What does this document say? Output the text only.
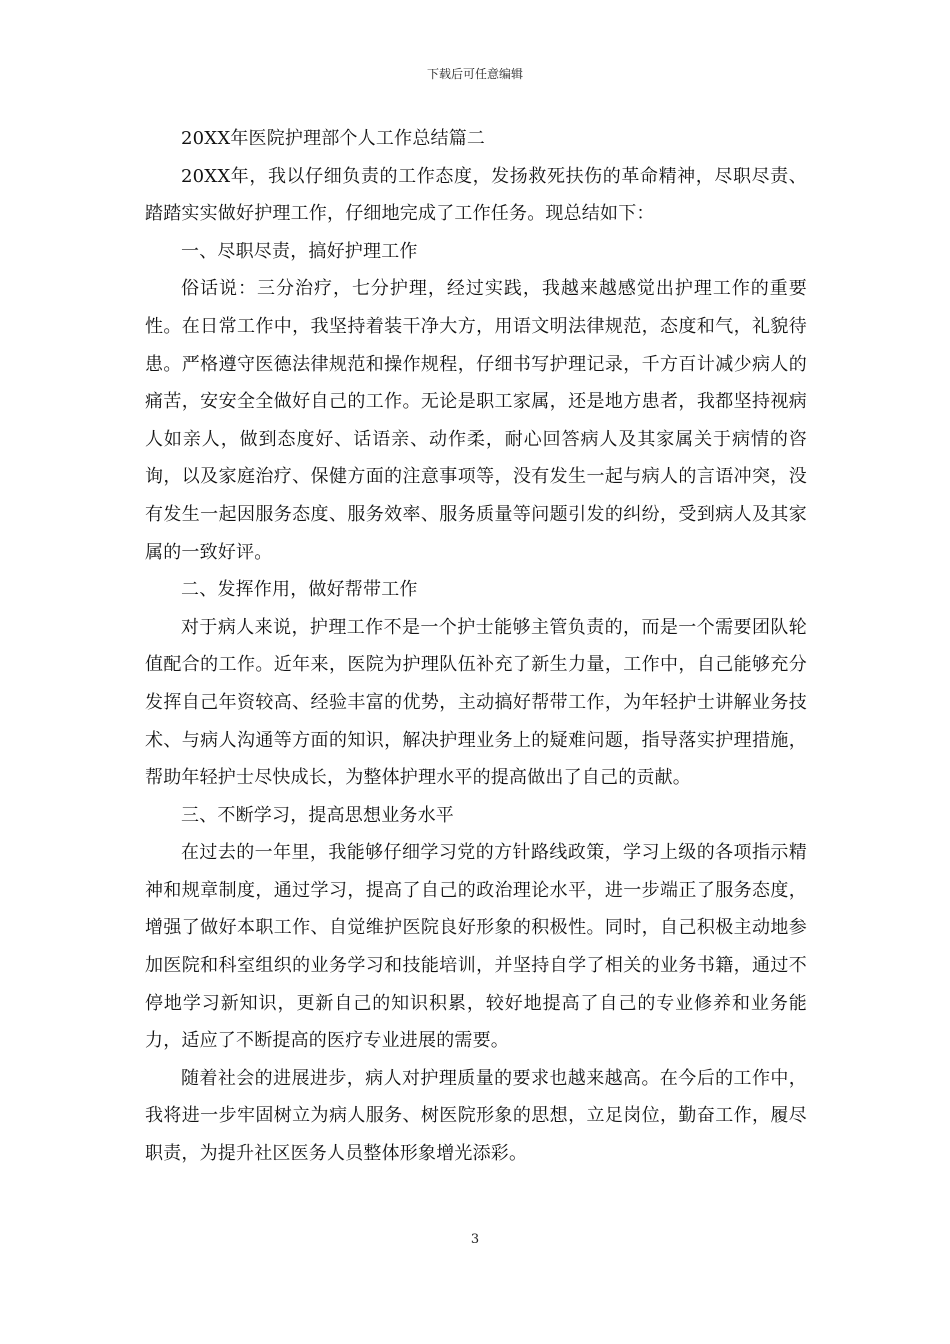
下载后可任意编辑

20XX年医院护理部个人工作总结篇二

20XX年，我以仔细负责的工作态度，发扬救死扶伤的革命精神，尽职尽责、踏踏实实做好护理工作，仔细地完成了工作任务。现总结如下：

一、尽职尽责，搞好护理工作

俗话说：三分治疗，七分护理，经过实践，我越来越感觉出护理工作的重要性。在日常工作中，我坚持着装干净大方，用语文明法律规范，态度和气，礼貌待患。严格遵守医德法律规范和操作规程，仔细书写护理记录，千方百计减少病人的痛苦，安安全全做好自己的工作。无论是职工家属，还是地方患者，我都坚持视病人如亲人，做到态度好、话语亲、动作柔，耐心回答病人及其家属关于病情的咨询，以及家庭治疗、保健方面的注意事项等，没有发生一起与病人的言语冲突，没有发生一起因服务态度、服务效率、服务质量等问题引发的纠纷，受到病人及其家属的一致好评。

二、发挥作用，做好帮带工作

对于病人来说，护理工作不是一个护士能够主管负责的，而是一个需要团队轮值配合的工作。近年来，医院为护理队伍补充了新生力量，工作中，自己能够充分发挥自己年资较高、经验丰富的优势，主动搞好帮带工作，为年轻护士讲解业务技术、与病人沟通等方面的知识，解决护理业务上的疑难问题，指导落实护理措施，帮助年轻护士尽快成长，为整体护理水平的提高做出了自己的贡献。

三、不断学习，提高思想业务水平

在过去的一年里，我能够仔细学习党的方针路线政策，学习上级的各项指示精神和规章制度，通过学习，提高了自己的政治理论水平，进一步端正了服务态度，增强了做好本职工作、自觉维护医院良好形象的积极性。同时，自己积极主动地参加医院和科室组织的业务学习和技能培训，并坚持自学了相关的业务书籍，通过不停地学习新知识，更新自己的知识积累，较好地提高了自己的专业修养和业务能力，适应了不断提高的医疗专业进展的需要。

随着社会的进展进步，病人对护理质量的要求也越来越高。在今后的工作中，我将进一步牢固树立为病人服务、树医院形象的思想，立足岗位，勤奋工作，履尽职责，为提升社区医务人员整体形象增光添彩。

3
